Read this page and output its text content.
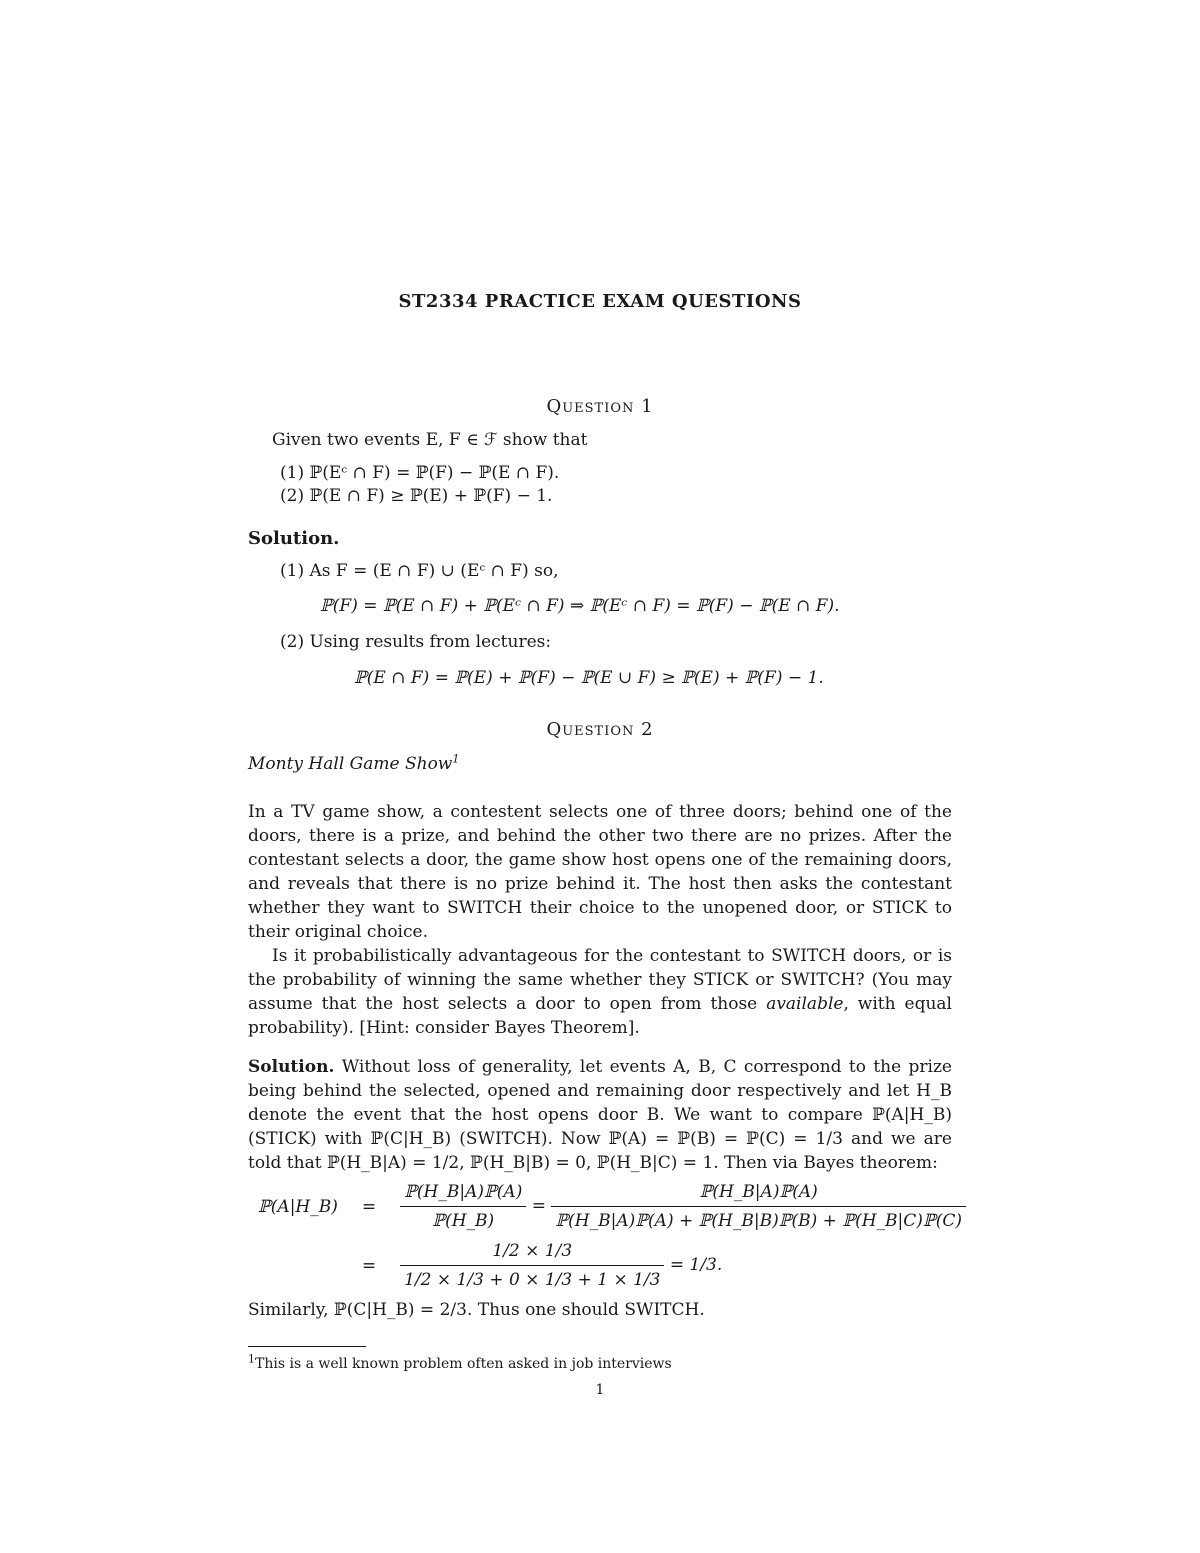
ST2334 PRACTICE EXAM QUESTIONS
Question 1
Given two events E, F ∈ ℱ show that
(1) ℙ(Eᶜ ∩ F) = ℙ(F) − ℙ(E ∩ F).
(2) ℙ(E ∩ F) ≥ ℙ(E) + ℙ(F) − 1.
Solution.
(1) As F = (E ∩ F) ∪ (Eᶜ ∩ F) so,
ℙ(F) = ℙ(E ∩ F) + ℙ(Eᶜ ∩ F) ⇒ ℙ(Eᶜ ∩ F) = ℙ(F) − ℙ(E ∩ F).
(2) Using results from lectures:
ℙ(E ∩ F) = ℙ(E) + ℙ(F) − ℙ(E ∪ F) ≥ ℙ(E) + ℙ(F) − 1.
Question 2
Monty Hall Game Show$^1$

In a TV game show, a contestent selects one of three doors; behind one of the doors, there is a prize, and behind the other two there are no prizes. After the contestant selects a door, the game show host opens one of the remaining doors, and reveals that there is no prize behind it. The host then asks the contestant whether they want to SWITCH their choice to the unopened door, or STICK to their original choice.

Is it probabilistically advantageous for the contestant to SWITCH doors, or is the probability of winning the same whether they STICK or SWITCH? (You may assume that the host selects a door to open from those available, with equal probability). [Hint: consider Bayes Theorem].

Solution. Without loss of generality, let events A, B, C correspond to the prize being behind the selected, opened and remaining door respectively and let H_B denote the event that the host opens door B. We want to compare ℙ(A|H_B) (STICK) with ℙ(C|H_B) (SWITCH). Now ℙ(A) = ℙ(B) = ℙ(C) = 1/3 and we are told that ℙ(H_B|A) = 1/2, ℙ(H_B|B) = 0, ℙ(H_B|C) = 1. Then via Bayes theorem:

ℙ(A|H_B)	=	$\frac{\text{ℙ(H\_B|A)ℙ(A)}}{\text{ℙ(H\_B)}} = \frac{\text{ℙ(H\_B|A)ℙ(A)}}{\text{ℙ(H\_B|A)ℙ(A) + ℙ(H\_B|B)ℙ(B) + ℙ(H\_B|C)ℙ(C)}}$

	=	$\frac{1/2 \times 1/3}{1/2 \times 1/3 + 0 \times 1/3 + 1 \times 1/3} = 1/3$.
Similarly, ℙ(C|H_B) = 2/3. Thus one should SWITCH.
$^1$This is a well known problem often asked in job interviews
1
